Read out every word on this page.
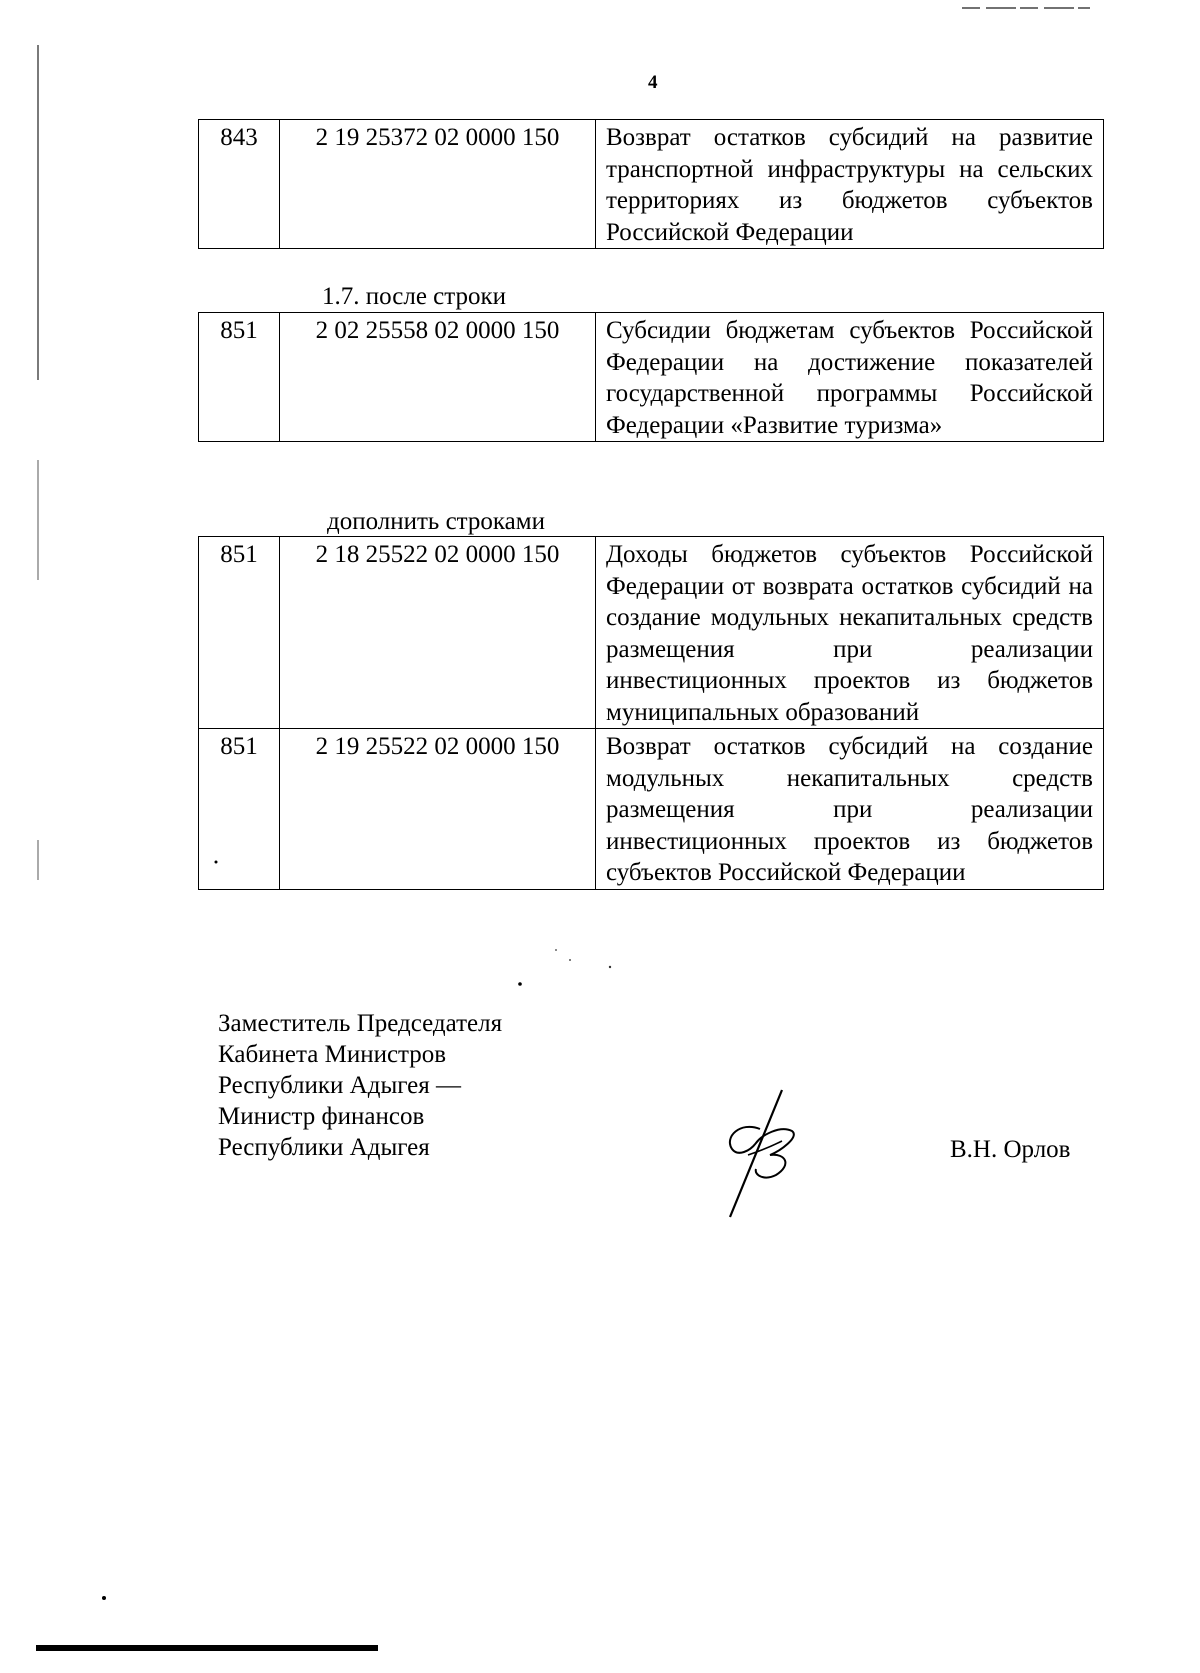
4
843	2 19 25372 02 0000 150	Возврат остатков субсидий на развитие транспортной инфраструктуры на сельских территориях из бюджетов субъектов Российской Федерации
1.7. после строки
851	2 02 25558 02 0000 150	Субсидии бюджетам субъектов Российской Федерации на достижение показателей государственной программы Российской Федерации «Развитие туризма»
дополнить строками
851	2 18 25522 02 0000 150	Доходы бюджетов субъектов Российской Федерации от возврата остатков субсидий на создание модульных некапитальных средств размещения при реализации инвестиционных проектов из бюджетов муниципальных образований
851	2 19 25522 02 0000 150	Возврат остатков субсидий на создание модульных некапитальных средств размещения при реализации инвестиционных проектов из бюджетов субъектов Российской Федерации
Заместитель Председателя
Кабинета Министров
Республики Адыгея —
Министр финансов
Республики Адыгея	В.Н. Орлов
